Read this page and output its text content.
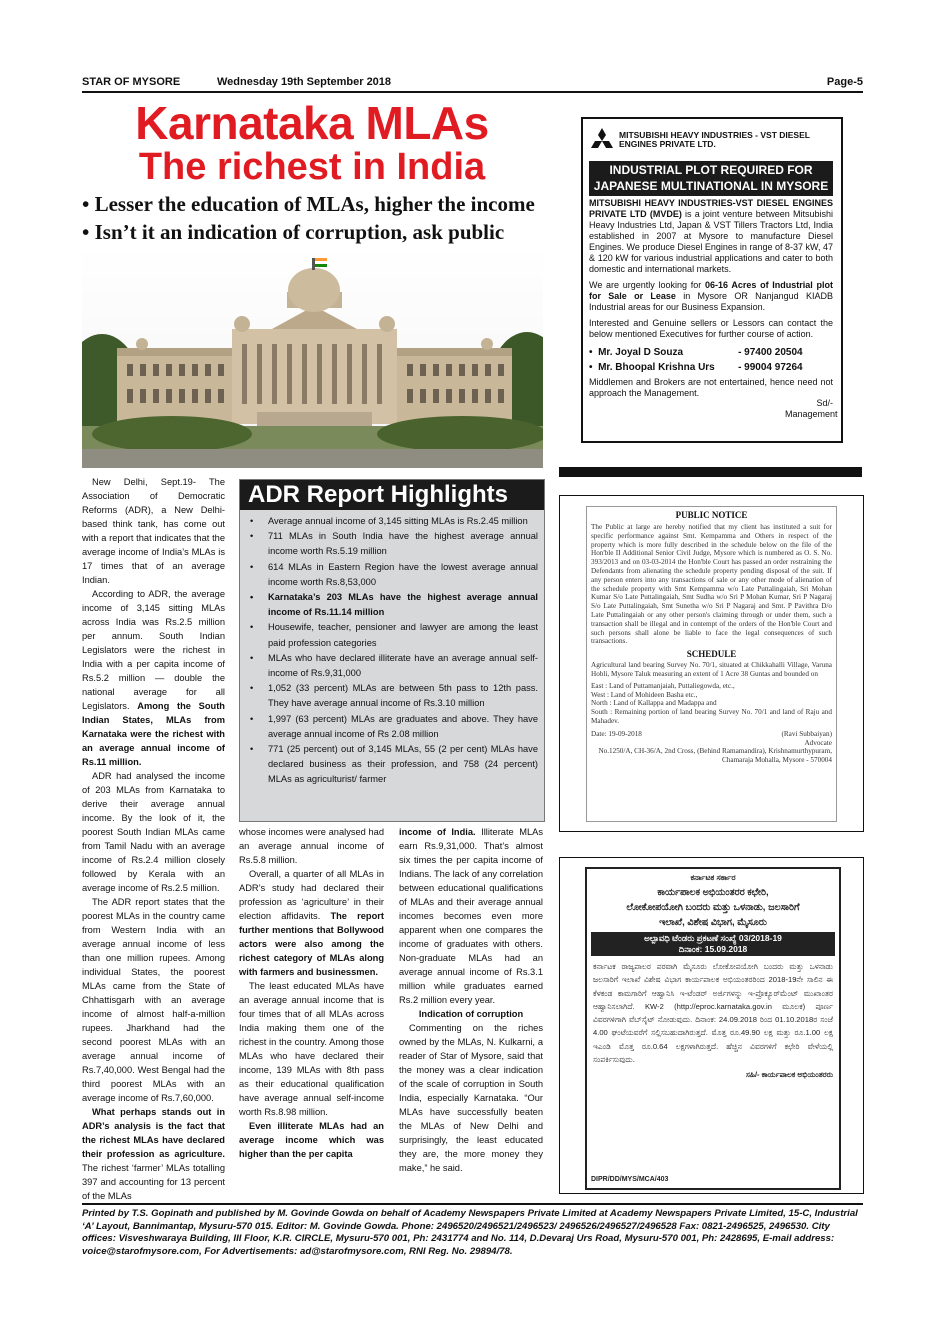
STAR OF MYSORE	Wednesday 19th September 2018	Page-5
Karnataka MLAs
The richest in India
• Lesser the education of MLAs, higher the income
• Isn’t it an indication of corruption, ask public

New Delhi, Sept.19- The Association of Democratic Reforms (ADR), a New Delhi-based think tank, has come out with a report that indicates that the average income of India’s MLAs is 17 times that of an average Indian.

According to ADR, the average income of 3,145 sitting MLAs across India was Rs.2.5 million per annum. South Indian Legislators were the richest in India with a per capita income of Rs.5.2 million — double the national average for all Legislators. Among the South Indian States, MLAs from Karnataka were the richest with an average annual income of Rs.11 million.

ADR had analysed the income of 203 MLAs from Karnataka to derive their average annual income. By the look of it, the poorest South Indian MLAs came from Tamil Nadu with an average income of Rs.2.4 million closely followed by Kerala with an average income of Rs.2.5 million.

The ADR report states that the poorest MLAs in the country came from Western India with an average annual income of less than one million rupees. Among individual States, the poorest MLAs came from the State of Chhattisgarh with an average income of almost half-a-million rupees. Jharkhand had the second poorest MLAs with an average annual income of Rs.7,40,000. West Bengal had the third poorest MLAs with an average income of Rs.7,60,000.

What perhaps stands out in ADR’s analysis is the fact that the richest MLAs have declared their profession as agriculture. The richest ‘farmer’ MLAs totalling 397 and accounting for 13 percent of the MLAs

ADR Report Highlights
• Average annual income of 3,145 sitting MLAs is Rs.2.45 million
• 711 MLAs in South India have the highest average annual income worth Rs.5.19 million
• 614 MLAs in Eastern Region have the lowest average annual income worth Rs.8,53,000
• Karnataka’s 203 MLAs have the highest average annual income of Rs.11.14 million
• Housewife, teacher, pensioner and lawyer are among the least paid profession categories
• MLAs who have declared illiterate have an average annual self-income of Rs.9,31,000
• 1,052 (33 percent) MLAs are between 5th pass to 12th pass. They have average annual income of Rs.3.10 million
• 1,997 (63 percent) MLAs are graduates and above. They have average annual income of Rs 2.08 million
• 771 (25 percent) out of 3,145 MLAs, 55 (2 per cent) MLAs have declared business as their profession, and 758 (24 percent) MLAs as agriculturist/ farmer

whose incomes were analysed had an average annual income of Rs.5.8 million.

Overall, a quarter of all MLAs in ADR’s study had declared their profession as ‘agriculture’ in their election affidavits. The report further mentions that Bollywood actors were also among the richest category of MLAs along with farmers and businessmen.

The least educated MLAs have an average annual income that is four times that of all MLAs across India making them one of the richest in the country. Among those MLAs who have declared their income, 139 MLAs with 8th pass as their educational qualification have average annual self-income worth Rs.8.98 million.

Even illiterate MLAs had an average income which was higher than the per capita

income of India. Illiterate MLAs earn Rs.9,31,000. That’s almost six times the per capita income of Indians. The lack of any correlation between educational qualifications of MLAs and their average annual incomes becomes even more apparent when one compares the income of graduates with others. Non-graduate MLAs had an average annual income of Rs.3.1 million while graduates earned Rs.2 million every year.

Indication of corruption

Commenting on the riches owned by the MLAs, N. Kulkarni, a reader of Star of Mysore, said that the money was a clear indication of the scale of corruption in South India, especially Karnataka. “Our MLAs have successfully beaten the MLAs of New Delhi and surprisingly, the least educated they are, the more money they make,” he said.

MITSUBISHI HEAVY INDUSTRIES - VST DIESEL ENGINES PRIVATE LTD.
INDUSTRIAL PLOT REQUIRED FOR JAPANESE MULTINATIONAL IN MYSORE

MITSUBISHI HEAVY INDUSTRIES-VST DIESEL ENGINES PRIVATE LTD (MVDE) is a joint venture between Mitsubishi Heavy Industries Ltd, Japan & VST Tillers Tractors Ltd, India established in 2007 at Mysore to manufacture Diesel Engines. We produce Diesel Engines in range of 8-37 kW, 47 & 120 kW for various industrial applications and cater to both domestic and international markets.

We are urgently looking for 06-16 Acres of Industrial plot for Sale or Lease in Mysore OR Nanjangud KIADB Industrial areas for our Business Expansion.

Interested and Genuine sellers or Lessors can contact the below mentioned Executives for further course of action.

•  Mr. Joyal D Souza	- 97400 20504
•  Mr. Bhoopal Krishna Urs - 99004 97264

Middlemen and Brokers are not entertained, hence need not approach the Management.

Sd/- Management
PUBLIC NOTICE

The Public at large are hereby notified that my client has instituted a suit for specific performance against Smt. Kempamma and Others in respect of the property which is more fully described in the schedule below on the file of the Hon'ble II Additional Senior Civil Judge, Mysore which is numbered as O. S. No. 393/2013 and on 03-03-2014 the Hon'ble Court has passed an order restraining the Defendants from alienating the schedule property pending disposal of the suit. If any person enters into any transactions of sale or any other mode of alienation of the schedule property with Smt Kempamma w/o Late Puttalingaiah, Sri Mohan Kumar S/o Late Puttalingaiah, Smt Sudha w/o Sri P Mohan Kumar, Sri P Nagaraj S/o Late Puttalingaiah, Smt Sunetha w/o Sri P Nagaraj and Smt. P Pavithra D/o Late Puttalingaiah or any other person's claiming through or under them, such a transaction shall be illegal and in contempt of the orders of the Hon'ble Court and such persons shall alone be liable to face the legal consequences of such transactions.

SCHEDULE

Agricultural land bearing Survey No. 70/1, situated at Chikkahalli Village, Varuna Hobli, Mysore Taluk measuring an extent of 1 Acre 38 Guntas and bounded on

East : Land of Puttamanjaiah, Puttaliegowda, etc.,
West : Land of Mohideen Basha etc.,
North : Land of Kallappa and Madappa and
South : Remaining portion of land bearing Survey No. 70/1 and land of Raju and Mahadev.
Date: 19-09-2018	(Ravi Subbaiyan)
Advocate
No.1250/A, CH-36/A, 2nd Cross, (Behind Ramamandira), Krishnamurthypuram, Chamaraja Mohalla, Mysore - 570004
ಕರ್ನಾಟಕ ಸರ್ಕಾರ
ಕಾರ್ಯಪಾಲಕ ಅಭಿಯಂತರರ ಕಛೇರಿ,
ಲೋಕೋಪಯೋಗಿ ಬಂದರು ಮತ್ತು ಒಳನಾಡು, ಜಲಸಾರಿಗೆ
ಇಲಾಖೆ, ವಿಶೇಷ ವಿಭಾಗ, ಮೈಸೂರು
ಅಲ್ಪಾವಧಿ ಟೆಂಡರು ಪ್ರಕಟಣೆ ಸಂಖ್ಯೆ 03/2018-19
ದಿನಾಂಕ: 15.09.2018
ಕರ್ನಾಟಕ ರಾಜ್ಯಪಾಲರ ಪರವಾಗಿ ಮೈಸೂರು ಲೋಕೋಪಯೋಗಿ ಬಂದರು ಮತ್ತು ಒಳನಾಡು ಜಲಸಾರಿಗೆ ಇಲಾಖೆ ವಿಶೇಷ ವಿಭಾಗ ಕಾರ್ಯಪಾಲಕ ಅಭಿಯಂತರರಿಂದ 2018-19ನೇ ಸಾಲಿನ ಈ ಕೆಳಕಂಡ ಕಾಮಗಾರಿಗೆ ಆಹ್ವಾನಿಸಿ ಇ-ಟೆಂಡರ್ ಅರ್ಜಿಗಳನ್ನು ಇ-ಪ್ರೊಕ್ಯೂರ್‌ಮೆಂಟ್ ಮುಖಾಂತರ ಆಹ್ವಾನಿಸಲಾಗಿದೆ. KW-2 (http://eproc.karnataka.gov.in ಮೂಲಕ) ಪೂರ್ಣ ವಿವರಗಳಿಗಾಗಿ ವೆಬ್‌ಸೈಟ್ ನೋಡುವುದು. ದಿನಾಂಕ: 24.09.2018 ರಿಂದ 01.10.2018ರ ಸಂಜೆ 4.00 ಘಂಟೆಯವರೆಗೆ ಸಲ್ಲಿಸಬಹುದಾಗಿರುತ್ತದೆ. ಮೊತ್ತ ರೂ.49.90 ಲಕ್ಷ ಮತ್ತು ರೂ.1.00 ಲಕ್ಷ ಇಎಂಡಿ ಮೊತ್ತ ರೂ.0.64 ಲಕ್ಷಗಳಾಗಿರುತ್ತದೆ. ಹೆಚ್ಚಿನ ವಿವರಗಳಿಗೆ ಕಛೇರಿ ವೇಳೆಯಲ್ಲಿ ಸಂಪರ್ಕಿಸುವುದು.
ಸಹಿ/- ಕಾರ್ಯಪಾಲಕ ಅಭಿಯಂತರರು
DIPR/DD/MYS/MCA/403
Printed by T.S. Gopinath and published by M. Govinde Gowda on behalf of Academy Newspapers Private Limited at Academy Newspapers Private Limited, 15-C, Industrial ‘A’ Layout, Bannimantap, Mysuru-570 015. Editor: M. Govinde Gowda. Phone: 2496520/2496521/2496523/ 2496526/2496527/2496528 Fax: 0821-2496525, 2496530. City offices: Visveshwaraya Building, III Floor, K.R. CIRCLE, Mysuru-570 001, Ph: 2431774 and No. 114, D.Devaraj Urs Road, Mysuru-570 001, Ph: 2428695, E-mail address: voice@starofmysore.com, For Advertisements: ad@starofmysore.com, RNI Reg. No. 29894/78.
